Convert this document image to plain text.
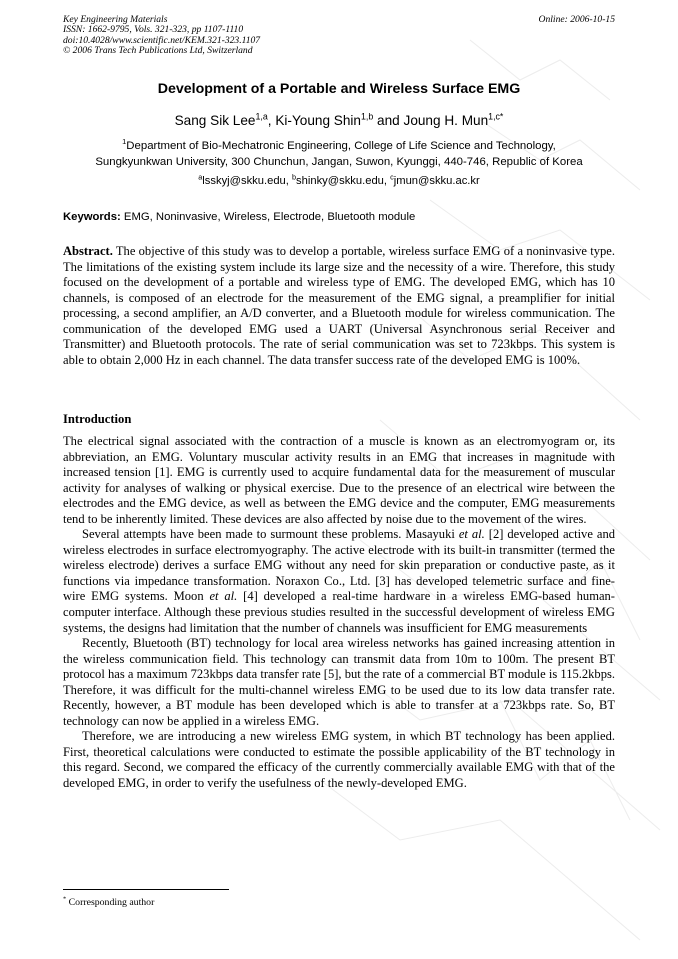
Key Engineering Materials
ISSN: 1662-9795, Vols. 321-323, pp 1107-1110
doi:10.4028/www.scientific.net/KEM.321-323.1107
© 2006 Trans Tech Publications Ltd, Switzerland
Online: 2006-10-15
Development of a Portable and Wireless Surface EMG
Sang Sik Lee$^{1,a}$, Ki-Young Shin$^{1,b}$ and Joung H. Mun$^{1,c*}$
$^1$Department of Bio-Mechatronic Engineering, College of Life Science and Technology,
Sungkyunkwan University, 300 Chunchun, Jangan, Suwon, Kyunggi, 440-746, Republic of Korea
$^a$lsskyj@skku.edu, $^b$shinky@skku.edu, $^c$jmun@skku.ac.kr
Keywords: EMG, Noninvasive, Wireless, Electrode, Bluetooth module
Abstract. The objective of this study was to develop a portable, wireless surface EMG of a noninvasive type. The limitations of the existing system include its large size and the necessity of a wire. Therefore, this study focused on the development of a portable and wireless type of EMG. The developed EMG, which has 10 channels, is composed of an electrode for the measurement of the EMG signal, a preamplifier for initial processing, a second amplifier, an A/D converter, and a Bluetooth module for wireless communication. The communication of the developed EMG used a UART (Universal Asynchronous serial Receiver and Transmitter) and Bluetooth protocols. The rate of serial communication was set to 723kbps. This system is able to obtain 2,000 Hz in each channel. The data transfer success rate of the developed EMG is 100%.
Introduction

The electrical signal associated with the contraction of a muscle is known as an electromyogram or, its abbreviation, an EMG. Voluntary muscular activity results in an EMG that increases in magnitude with increased tension [1]. EMG is currently used to acquire fundamental data for the measurement of muscular activity for analyses of walking or physical exercise. Due to the presence of an electrical wire between the electrodes and the EMG device, as well as between the EMG device and the computer, EMG measurements tend to be inherently limited. These devices are also affected by noise due to the movement of the wires.

Several attempts have been made to surmount these problems. Masayuki et al. [2] developed active and wireless electrodes in surface electromyography. The active electrode with its built-in transmitter (termed the wireless electrode) derives a surface EMG without any need for skin preparation or conductive paste, as it functions via impedance transformation. Noraxon Co., Ltd. [3] has developed telemetric surface and fine-wire EMG systems. Moon et al. [4] developed a real-time hardware in a wireless EMG-based human-computer interface. Although these previous studies resulted in the successful development of wireless EMG systems, the designs had limitation that the number of channels was insufficient for EMG measurements

Recently, Bluetooth (BT) technology for local area wireless networks has gained increasing attention in the wireless communication field. This technology can transmit data from 10m to 100m. The present BT protocol has a maximum 723kbps data transfer rate [5], but the rate of a commercial BT module is 115.2kbps. Therefore, it was difficult for the multi-channel wireless EMG to be used due to its low data transfer rate. Recently, however, a BT module has been developed which is able to transfer at a 723kbps rate. So, BT technology can now be applied in a wireless EMG.

Therefore, we are introducing a new wireless EMG system, in which BT technology has been applied. First, theoretical calculations were conducted to estimate the possible applicability of the BT technology in this regard. Second, we compared the efficacy of the currently commercially available EMG with that of the developed EMG, in order to verify the usefulness of the newly-developed EMG.

* Corresponding author
